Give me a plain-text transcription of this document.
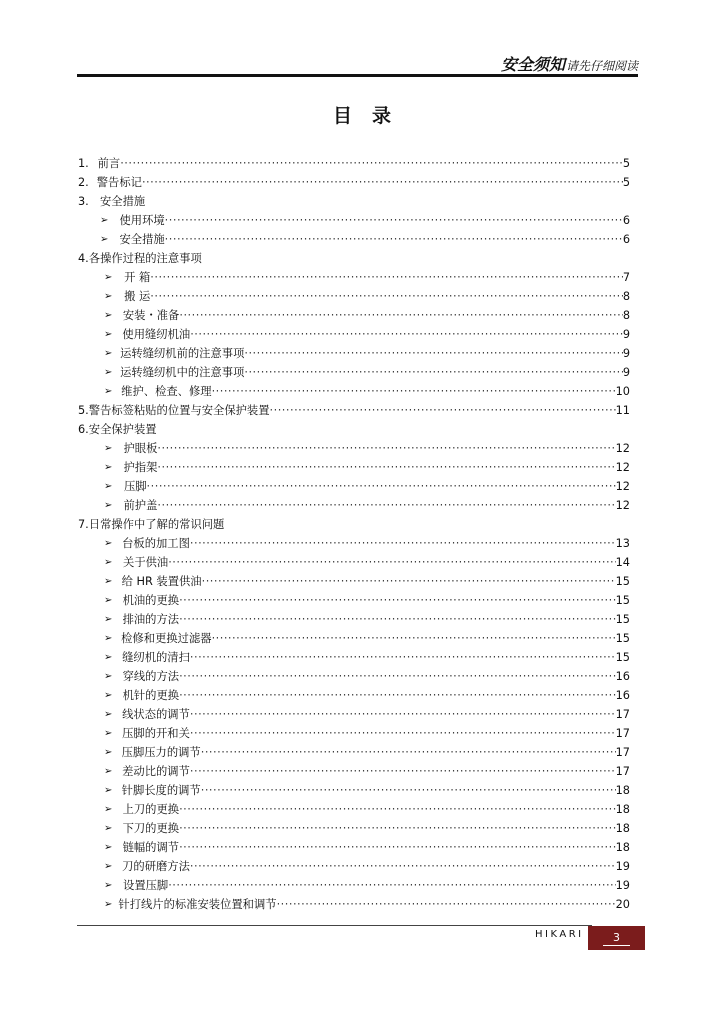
安全须知 请先仔细阅读
目录
1. 前言 ·····	5
2. 警告标记 ·····	5
3. 安全措施
➢ 使用环境 ·····	6
➢ 安全措施 ·····	6
4.各操作过程的注意事项
➢	开 箱 ·····	7
➢	搬 运 ·····	8
➢ 安装・准备 ·····	8
➢ 使用缝纫机油 ·····	9
➢ 运转缝纫机前的注意事项 ·····	9
➢ 运转缝纫机中的注意事项 ·····	9
➢ 维护、检查、修理 ·····	10
5.警告标签粘贴的位置与安全保护装置 ·····	11
6.安全保护装置
➢ 护眼板 ·····	12
➢ 护指架 ·····	12
➢	压脚 ·····	12
➢ 前护盖 ·····	12
7.日常操作中了解的常识问题
➢ 台板的加工图 ·····	13
➢ 关于供油 ·····	14
➢ 给 HR 装置供油 ·····	15
➢ 机油的更换 ·····	15
➢ 排油的方法 ·····	15
➢ 检修和更换过滤器 ·····	15
➢ 缝纫机的清扫 ·····	15
➢ 穿线的方法 ·····	16
➢ 机针的更换 ·····	16
➢ 线状态的调节 ·····	17
➢ 压脚的开和关 ·····	17
➢ 压脚压力的调节 ·····	17
➢ 差动比的调节 ·····	17
➢ 针脚长度的调节 ·····	18
➢ 上刀的更换 ·····	18
➢ 下刀的更换 ·····	18
➢ 链幅的调节 ·····	18
➢ 刀的研磨方法 ·····	19
➢ 设置压脚 ·····	19
➢ 针打线片的标准安装位置和调节 ·····	20
HIKARI	3
